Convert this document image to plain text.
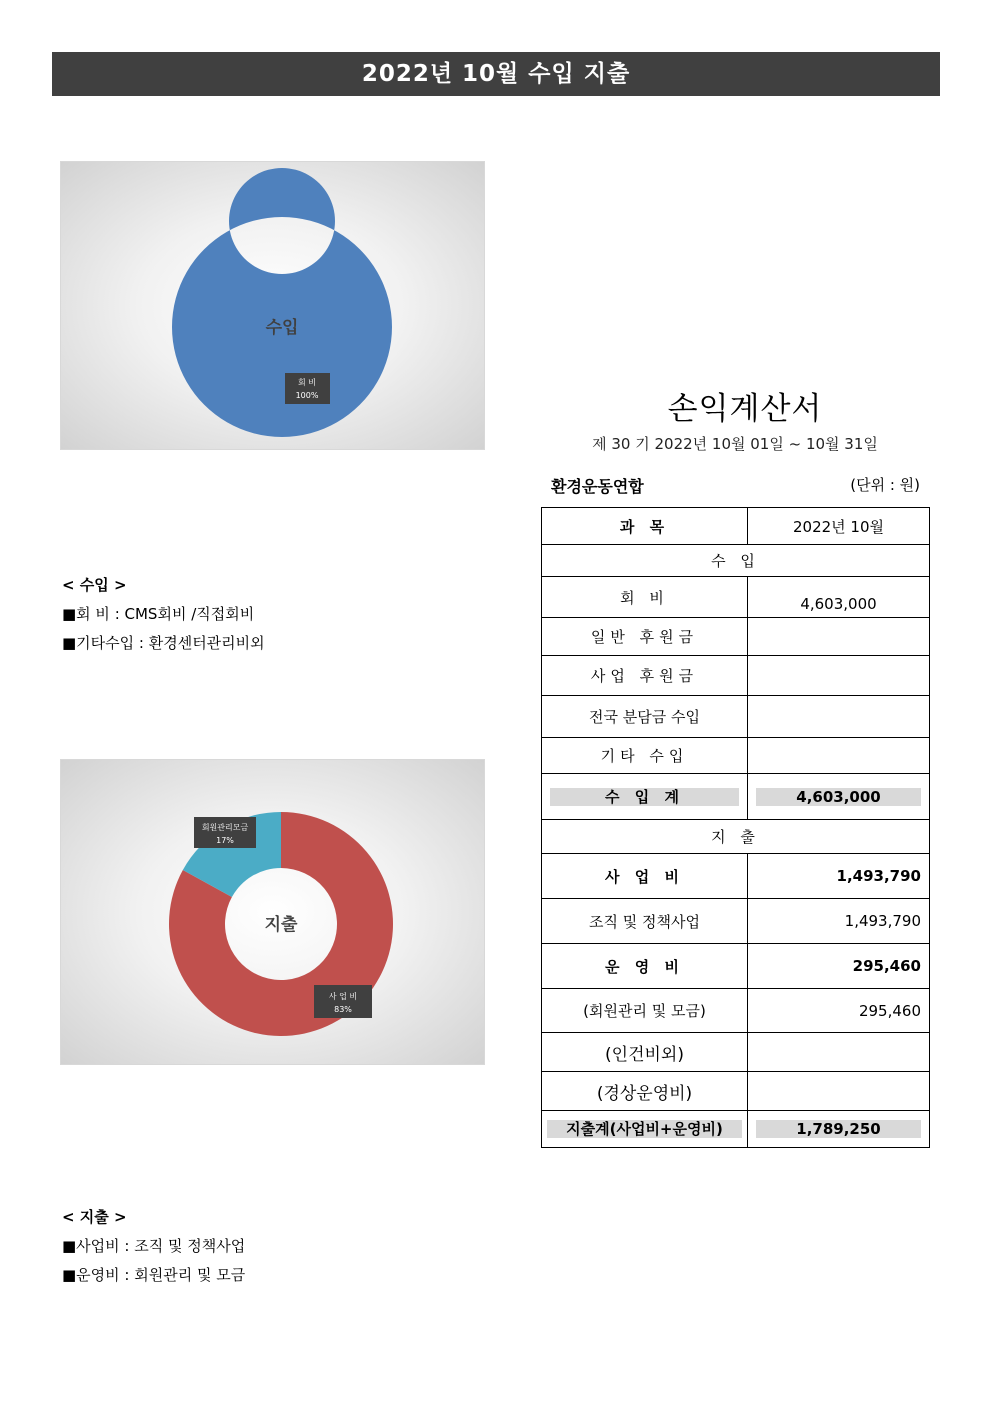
2022년 10월 수입 지출
수입
회 비
100%
< 수입 >
■회 비 : CMS회비 /직접회비
■기타수입 : 환경센터관리비외
지출
사 업 비
83%
회원관리모금
17%
< 지출 >
■사업비 : 조직 및 정책사업
■운영비 : 회원관리 및 모금
손익계산서
제 30 기 2022년 10월 01일 ~ 10월 31일
환경운동연합	(단위 : 원)
과 목	2022년 10월
수 입	
회 비	4,603,000
일반 후원금	
사업 후원금	
전국 분담금 수입	
기타 수입	

수 입 계	4,603,000

지 출	
사 업 비	1,493,790
조직 및 정책사업	1,493,790
운 영 비	295,460
(회원관리 및 모금)	295,460
(인건비외)	
(경상운영비)	

지출계(사업비+운영비)	1,789,250
